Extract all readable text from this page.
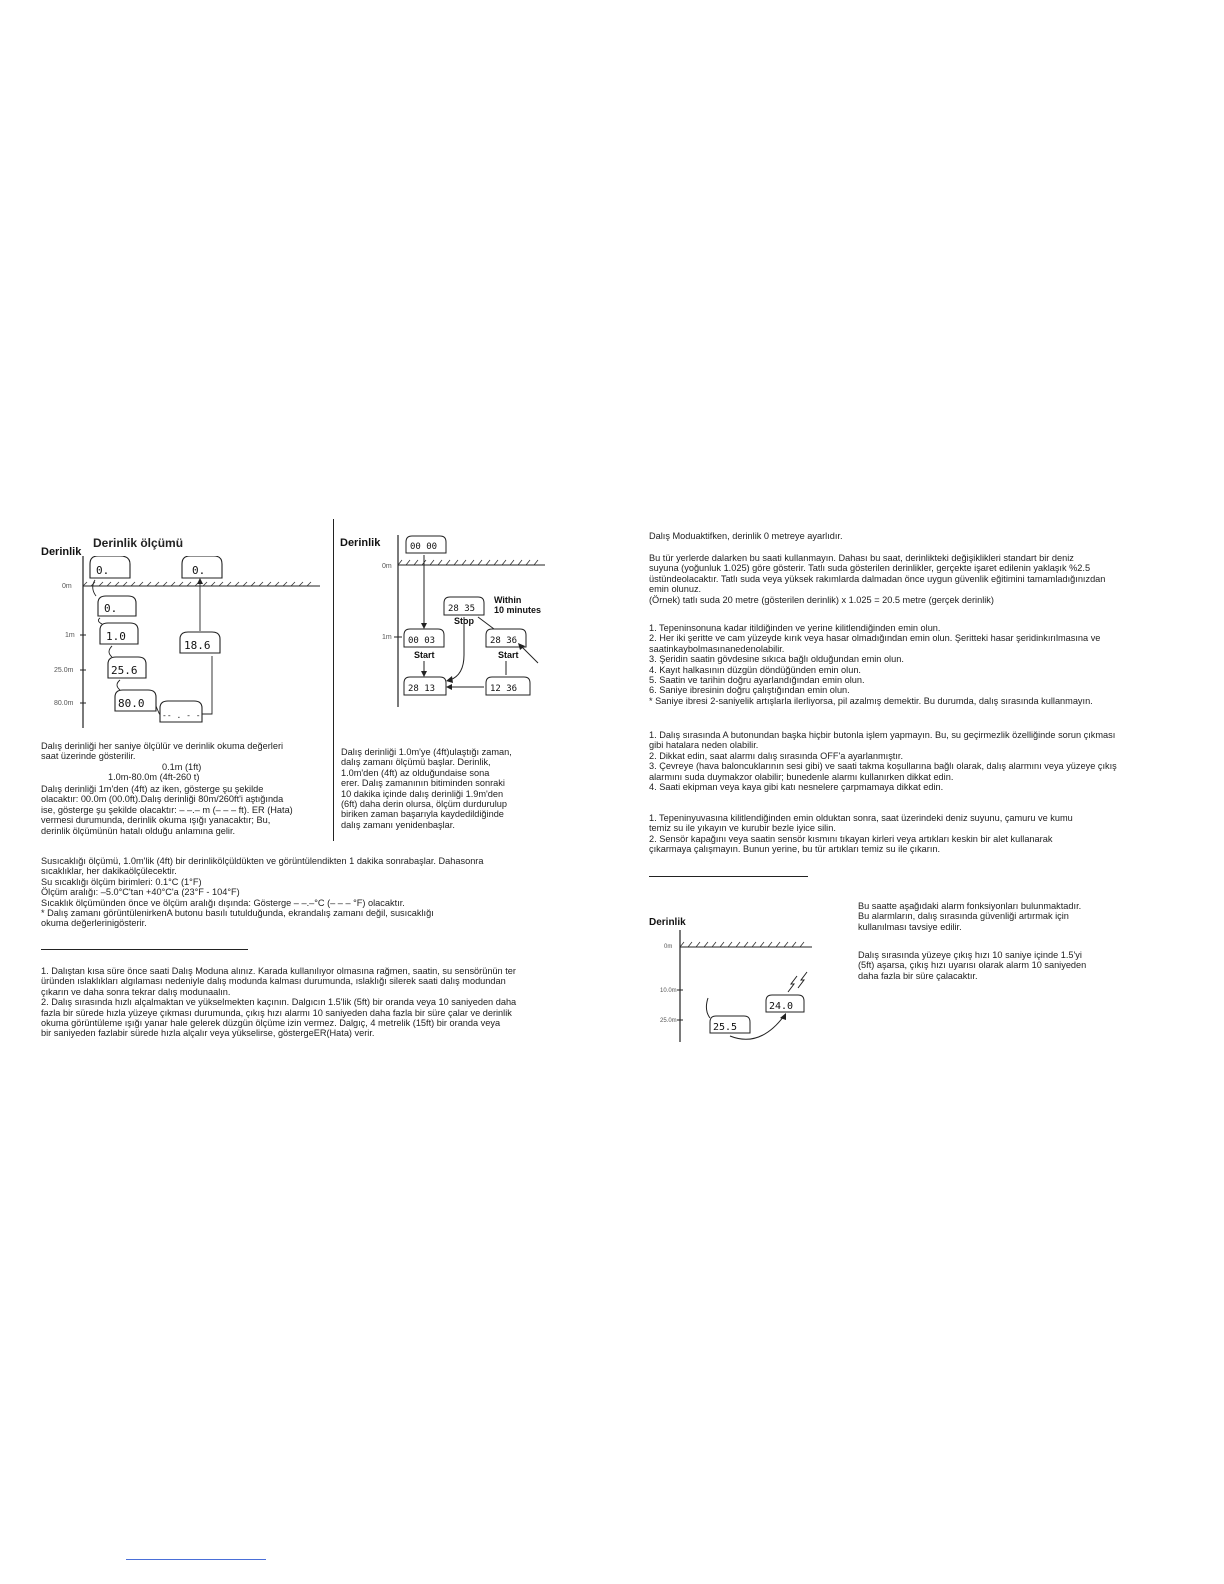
Derinlik
Derinlik ölçümü
0m
1m
25.0m
80.0m
0.	0.
0.
1.0
25.6
80.0
18.6
-- . - -

Dalış derinliği her saniye ölçülür ve derinlik okuma değerleri
saat üzerinde gösterilir.

0.1m (1ft)

1.0m-80.0m (4ft-260 t)

Dalış derinliği 1m'den (4ft) az iken, gösterge şu şekilde
olacaktır: 00.0m (00.0ft).Dalış derinliği 80m/260ft'i aştığında
ise, gösterge şu şekilde olacaktır: – –.– m (– – – ft). ER (Hata)
vermesi durumunda, derinlik okuma ışığı yanacaktır; Bu,
derinlik ölçümünün hatalı olduğu anlamına gelir.

Susıcaklığı ölçümü, 1.0m'lik (4ft) bir derinlikölçüldükten ve görüntülendikten 1 dakika sonrabaşlar. Dahasonra
sıcaklıklar, her dakikaölçülecektir.
Su sıcaklığı ölçüm birimleri: 0.1°C (1°F)
Ölçüm aralığı: –5.0°C'tan +40°C'a (23°F - 104°F)
Sıcaklık ölçümünden önce ve ölçüm aralığı dışında: Gösterge – –.–°C (– – – °F) olacaktır.
* Dalış zamanı görüntülenirkenA butonu basılı tutulduğunda, ekrandalış zamanı değil, susıcaklığı
okuma değerlerinigösterir.

1. Dalıştan kısa süre önce saati Dalış Moduna alınız. Karada kullanılıyor olmasına rağmen, saatin, su sensörünün ter
üründen ıslaklıkları algılaması nedeniyle dalış modunda kalması durumunda, ıslaklığı silerek saati dalış modundan
çıkarın ve daha sonra tekrar dalış modunaalın.
2. Dalış sırasında hızlı alçalmaktan ve yükselmekten kaçının. Dalgıcın 1.5'lik (5ft) bir oranda veya 10 saniyeden daha
fazla bir sürede hızla yüzeye çıkması durumunda, çıkış hızı alarmı 10 saniyeden daha fazla bir süre çalar ve derinlik
okuma görüntüleme ışığı yanar hale gelerek düzgün ölçüme izin vermez. Dalgıç, 4 metrelik (15ft) bir oranda veya
bir saniyeden fazlabir sürede hızla alçalır veya yükselirse, göstergeER(Hata) verir.

Derinlik
0m
1m
00 00
28 35
00 03	28 36
28 13	12 36
Within
10 minutes
Stop
Start	Start

Dalış derinliği 1.0m'ye (4ft)ulaştığı zaman,
dalış zamanı ölçümü başlar. Derinlik,
1.0m'den (4ft) az olduğundaise sona
erer. Dalış zamanının bitiminden sonraki
10 dakika içinde dalış derinliği 1.9m'den
(6ft) daha derin olursa, ölçüm durdurulup
biriken zaman başarıyla kaydedildiğinde
dalış zamanı yenidenbaşlar.

Dalış Moduaktifken, derinlik 0 metreye ayarlıdır.

Bu tür yerlerde dalarken bu saati kullanmayın. Dahası bu saat, derinlikteki değişiklikleri standart bir deniz
suyuna (yoğunluk 1.025) göre gösterir. Tatlı suda gösterilen derinlikler, gerçekte işaret edilenin yaklaşık %2.5
üstündeolacaktır. Tatlı suda veya yüksek rakımlarda dalmadan önce uygun güvenlik eğitimini tamamladığınızdan
emin olunuz.
(Örnek) tatlı suda 20 metre (gösterilen derinlik) x 1.025 = 20.5 metre (gerçek derinlik)

1. Tepeninsonuna kadar itildiğinden ve yerine kilitlendiğinden emin olun.
2. Her iki şeritte ve cam yüzeyde kırık veya hasar olmadığından emin olun. Şeritteki hasar şeridinkırılmasına ve
saatinkaybolmasınanedenolabilir.
3. Şeridin saatin gövdesine sıkıca bağlı olduğundan emin olun.
4. Kayıt halkasının düzgün döndüğünden emin olun.
5. Saatin ve tarihin doğru ayarlandığından emin olun.
6. Saniye ibresinin doğru çalıştığından emin olun.
* Saniye ibresi 2-saniyelik artışlarla ilerliyorsa, pil azalmış demektir. Bu durumda, dalış sırasında kullanmayın.

1. Dalış sırasında A butonundan başka hiçbir butonla işlem yapmayın. Bu, su geçirmezlik özelliğinde sorun çıkması
gibi hatalara neden olabilir.
2. Dikkat edin, saat alarmı dalış sırasında OFF'a ayarlanmıştır.
3. Çevreye (hava baloncuklarının sesi gibi) ve saati takma koşullarına bağlı olarak, dalış alarmını veya yüzeye çıkış
alarmını suda duymakzor olabilir; bunedenle alarmı kullanırken dikkat edin.
4. Saati ekipman veya kaya gibi katı nesnelere çarpmamaya dikkat edin.

1. Tepeninyuvasına kilitlendiğinden emin olduktan sonra, saat üzerindeki deniz suyunu, çamuru ve kumu
temiz su ile yıkayın ve kurubir bezle iyice silin.
2. Sensör kapağını veya saatin sensör kısmını tıkayan kirleri veya artıkları keskin bir alet kullanarak
çıkarmaya çalışmayın. Bunun yerine, bu tür artıkları temiz su ile çıkarın.

Bu saatte aşağıdaki alarm fonksiyonları bulunmaktadır.
Bu alarmların, dalış sırasında güvenliği artırmak için
kullanılması tavsiye edilir.

Dalış sırasında yüzeye çıkış hızı 10 saniye içinde 1.5'yi
(5ft) aşarsa, çıkış hızı uyarısı olarak alarm 10 saniyeden
daha fazla bir süre çalacaktır.

Derinlik
0m
10.0m
25.0m
25.5
24.0
